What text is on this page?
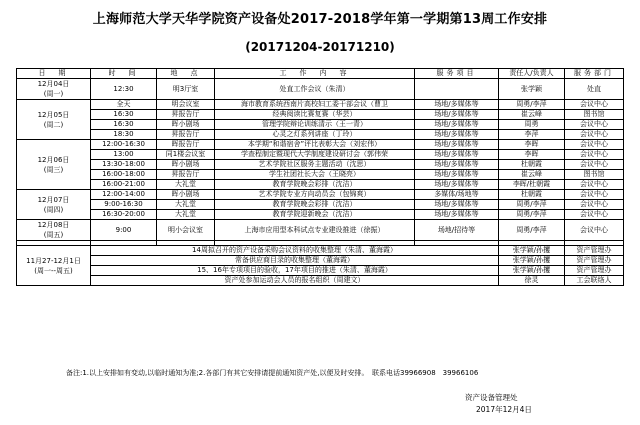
上海师范大学天华学院资产设备处2017-2018学年第一学期第13周工作安排
(20171204-20171210)
日　期	时　间	地　点	工　作　内　容	服务项目	责任人/负责人	服务部门

12月04日
(周一)	12:30	明3厅室	处直工作会议（朱清）		张学颖	处直

12月05日
(周二)	全天	明会议室	海市教育系统西南片高校妇工委干部会议（曹卫	场地/多媒体等	周勇/李萍	会议中心
	16:30	昇报告厅	经典阅读比赛复赛（华芸）	场地/多媒体等	崔云峰	图书馆
	16:30	晖小剧场	管理学院辩论训练清示（王一青）	场地/多媒体等	周勇	会议中心
	18:30	昇报告厅	心灵之灯系列讲座（丁玲）	场地/多媒体等	李萍	会议中心

12月06日
(周三)	12:00-16:30	晖报告厅	本学期“和谐宿舍”评比表彰大会（刘宏伟）	场地/多媒体等	李晖	会议中心
	13:00	同1楼会议室	学查程制定暨现代大学制度建设研讨会（郭伟荣	场地/多媒体等	李晖	会议中心
	13:30-18:00	晖小剧场	艺术学院社区服务主题活动（沈思）	场地/多媒体等	杜朝霞	会议中心
	16:00-18:00	昇报告厅	学生社团社长大会（王晓亮）	场地/多媒体等	崔云峰	图书馆
	16:00-21:00	大礼堂	教育学院晚会彩排（沈洁）	场地/多媒体等	李晖/杜朝霞	会议中心

12月07日
(周四)	12:00-14:00	晖小剧场	艺术学院专业方向动员会（包锦爽）	多媒体/场地等	杜朝霞	会议中心
	9:00-16:30	大礼堂	教育学院晚会彩排（沈洁）	场地/多媒体等	周勇/李萍	会议中心
	16:30-20:00	大礼堂	教育学院迎新晚会（沈洁）	场地/多媒体等	周勇/李萍	会议中心

12月08日
(周五)	9:00	明小会议室	上海市应用型本科试点专业建设推进（徐振）	场地/招待等	周勇/李萍	会议中心

11月27-12月1日
(周一--周五)	14周拟召开的资产设备采购会议资料的收集整理（朱清、董海霞）				张学颖/孙攫	资产管理办
	常备供应商目录的收集整理（董海霞）				张学颖/孙攫	资产管理办
	15、16年专项项目的验收，17年项目的推进（朱清、董海霞）				张学颖/孙攫	资产管理办
	资产处参加运动会人员的报名组织（周建文）				徐灵	工会联络人
备注:1.以上安排如有变动,以临时通知为准;2.各部门有其它安排请提前通知资产处,以便及时安排。　联系电话39966908　39966106
资产设备管理处
2017年12月4日
